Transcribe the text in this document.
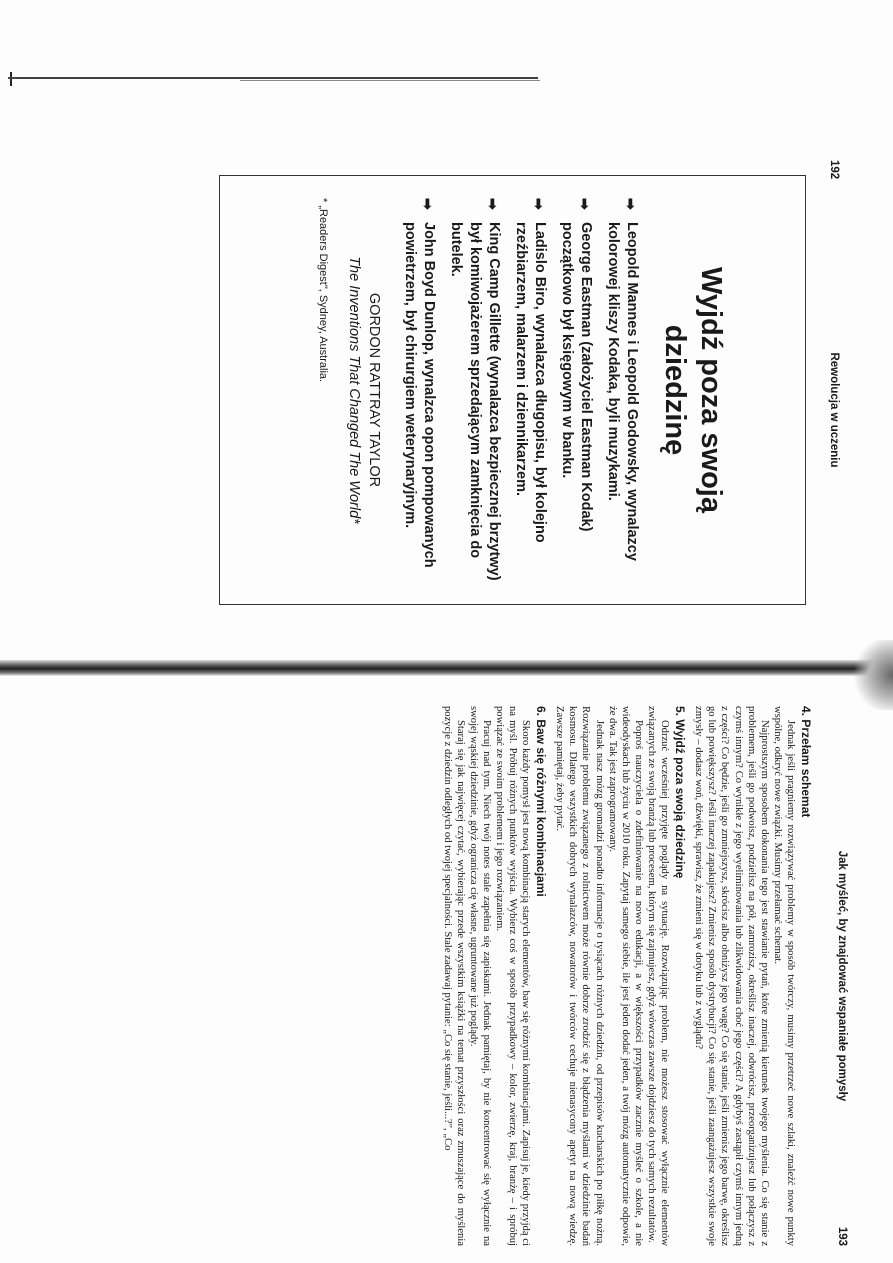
192
Rewolucja w uczeniu
Wyjdź poza swoją dziedzinę
➡
Leopold Mannes i Leopold Godowsky, wynalazcy kolorowej kliszy Kodaka, byli muzykami.
➡
George Eastman (założyciel Eastman Kodak) początkowo był księgowym w banku.
➡
Ladislo Biro, wynalazca długopisu, był kolejno rzeźbiarzem, malarzem i dziennikarzem.
➡
King Camp Gillette (wynalazca bezpiecznej brzytwy) był komiwojażerem sprzedającym zamknięcia do butelek.
➡
John Boyd Dunlop, wynalzca opon pompowanych powietrzem, był chirurgiem weterynaryjnym.
GORDON RATTRAY TAYLOR
The Inventions That Changed The World*
* „Readers Digest", Sydney, Australia.
Jak myśleć, by znajdować wspaniałe pomysły
193
4. Przełam schemat

Jednak jeśli pragniemy rozwiązywać problemy w sposób twórczy, musimy przetrzeć nowe szlaki, znaleźć nowe punkty wspólne, odkryć nowe związki. Musimy przełamać schemat.

Najprostszym sposobem dokonania tego jest stawianie pytań, które zmienią kierunek twojego myślenia. Co się stanie z problemem, jeśli go podwoisz, podzielisz na pół, zamrozisz, określisz inaczej, odwrócisz, przeorganizujesz lub połączysz z czymś innym? Co wynikłe z jego wyeliminowania lub zlikwidowania choć jego części? A gdybyś zastąpił czymś innym jedną z części? Co będzie, jeśli go zmniejszysz, skrócisz albo obniżysz jego wagę? Co się stanie, jeśli zmienisz jego barwę, określisz go lub powiększysz? Jeśli inaczej zapakujesz? Zmienisz sposób dystrybucji? Co się stanie, jeśli zaangażujesz wszystkie swoje zmysły – dodasz woń, dźwięki, sprawisz, że zmieni się w dotyku lub z wyglądu?

5. Wyjdź poza swoją dziedzinę

Odrzuć wcześniej przyjęte poglądy na sytuację. Rozwiązując problem, nie możesz stosować wyłącznie elementów związanych ze swoją branżą lub procesem, którym się zajmujesz, gdyż wówczas zawsze dojdziesz do tych samych rezultatów.

Poproś nauczyciela o zdefiniowanie na nowo edukacji, a w większości przypadków zacznie myśleć o szkole, a nie wideodyskach lub życiu w 2010 roku. Zapytaj samego siebie, ile jest jeden dodać jeden, a twój mózg automatycznie odpowie, że dwa. Tak jest zaprogramowany.

Jednak nasz mózg gromadzi ponadto informacje o tysiącach różnych dziedzin, od przepisów kucharskich po piłkę nożną. Rozwiązanie problemu związanego z rolnictwem może równie dobrze zrodzić się z błądzenia myślami w dziedzinie badań kosmosu. Dlatego wszystkich dobrych wynalazców, nowatorów i twórców cechuje nienasycony apetyt na nową wiedzę. Zawsze pamiętaj, żeby pytać.

6. Baw się różnymi kombinacjami

Skoro każdy pomysł jest nową kombinacją starych elementów, baw się różnymi kombinacjami. Zapisuj je, kiedy przyjdą ci na myśl. Próbuj różnych punktów wyjścia. Wybierz coś w sposób przypadkowy – kolor, zwierzę, kraj, branżę – i spróbuj powiązać ze swoim problemem i jego rozwiązaniem.

Pracuj nad tym. Niech twój notes stale zapełnia się zapiskami. Jednak pamiętaj, by nie koncentrować się wyłącznie na swojej wąskiej dziedzinie, gdyż ogranicza cię własne, ugruntowane już poglądy.

Staraj się jak najwięcej czytać, wybierając przede wszystkim książki na temat przyszłości oraz zmuszające do myślenia pozycje z dziedzin odległych od twojej specjalności. Stale zadawaj pytanie: „Co się stanie, jeśli...?", „Co
